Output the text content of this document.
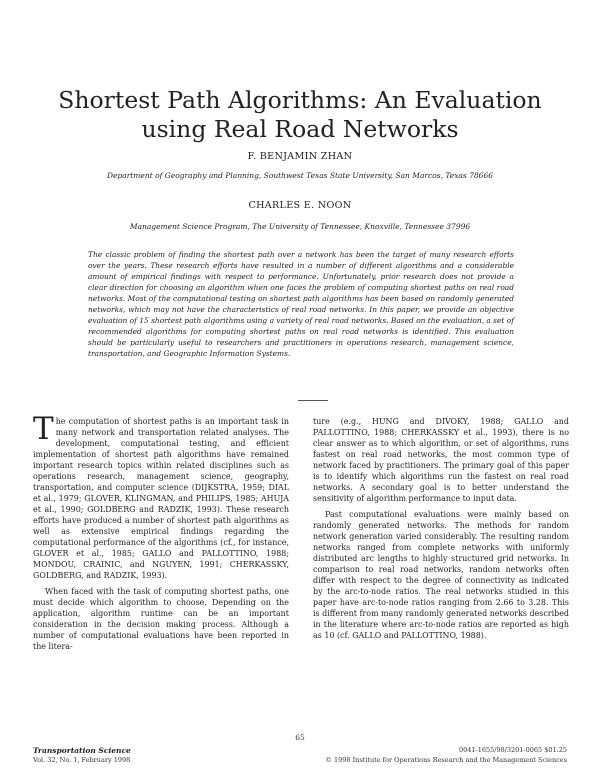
Shortest Path Algorithms: An Evaluation
using Real Road Networks
F. BENJAMIN ZHAN
Department of Geography and Planning, Southwest Texas State University, San Marcos, Texas 78666
CHARLES E. NOON
Management Science Program, The University of Tennessee, Knoxville, Tennessee 37996

The classic problem of finding the shortest path over a network has been the target of many research efforts over the years. These research efforts have resulted in a number of different algorithms and a considerable amount of empirical findings with respect to performance. Unfortunately, prior research does not provide a clear direction for choosing an algorithm when one faces the problem of computing shortest paths on real road networks. Most of the computational testing on shortest path algorithms has been based on randomly generated networks, which may not have the characteristics of real road networks. In this paper, we provide an objective evaluation of 15 shortest path algorithms using a variety of real road networks. Based on the evaluation, a set of recommended algorithms for computing shortest paths on real road networks is identified. This evaluation should be particularly useful to researchers and practitioners in operations research, management science, transportation, and Geographic Information Systems.

The computation of shortest paths is an important task in many network and transportation related analyses. The development, computational testing, and efficient implementation of shortest path algorithms have remained important research topics within related disciplines such as operations research, management science, geography, transportation, and computer science (DIJKSTRA, 1959; DIAL et al., 1979; GLOVER, KLINGMAN, and PHILIPS, 1985; AHUJA et al., 1990; GOLDBERG and RADZIK, 1993). These research efforts have produced a number of shortest path algorithms as well as extensive empirical findings regarding the computational performance of the algorithms (cf., for instance, GLOVER et al., 1985; GALLO and PALLOTTINO, 1988; MONDOU, CRAINIC, and NGUYEN, 1991; CHERKASSKY, GOLDBERG, and RADZIK, 1993).

When faced with the task of computing shortest paths, one must decide which algorithm to choose. Depending on the application, algorithm runtime can be an important consideration in the decision making process. Although a number of computational evaluations have been reported in the litera-

ture (e.g., HUNG and DIVOKY, 1988; GALLO and PALLOTTINO, 1988; CHERKASSKY et al., 1993), there is no clear answer as to which algorithm, or set of algorithms, runs fastest on real road networks, the most common type of network faced by practitioners. The primary goal of this paper is to identify which algorithms run the fastest on real road networks. A secondary goal is to better understand the sensitivity of algorithm performance to input data.

Past computational evaluations were mainly based on randomly generated networks. The methods for random network generation varied considerably. The resulting random networks ranged from complete networks with uniformly distributed arc lengths to highly structured grid networks. In comparison to real road networks, random networks often differ with respect to the degree of connectivity as indicated by the arc-to-node ratios. The real networks studied in this paper have arc-to-node ratios ranging from 2.66 to 3.28. This is different from many randomly generated networks described in the literature where arc-to-node ratios are reported as high as 10 (cf. GALLO and PALLOTTINO, 1988).

65
Transportation Science
Vol. 32, No. 1, February 1998
0041-1655/98/3201-0065 $01.25
© 1998 Institute for Operations Research and the Management Sciences
